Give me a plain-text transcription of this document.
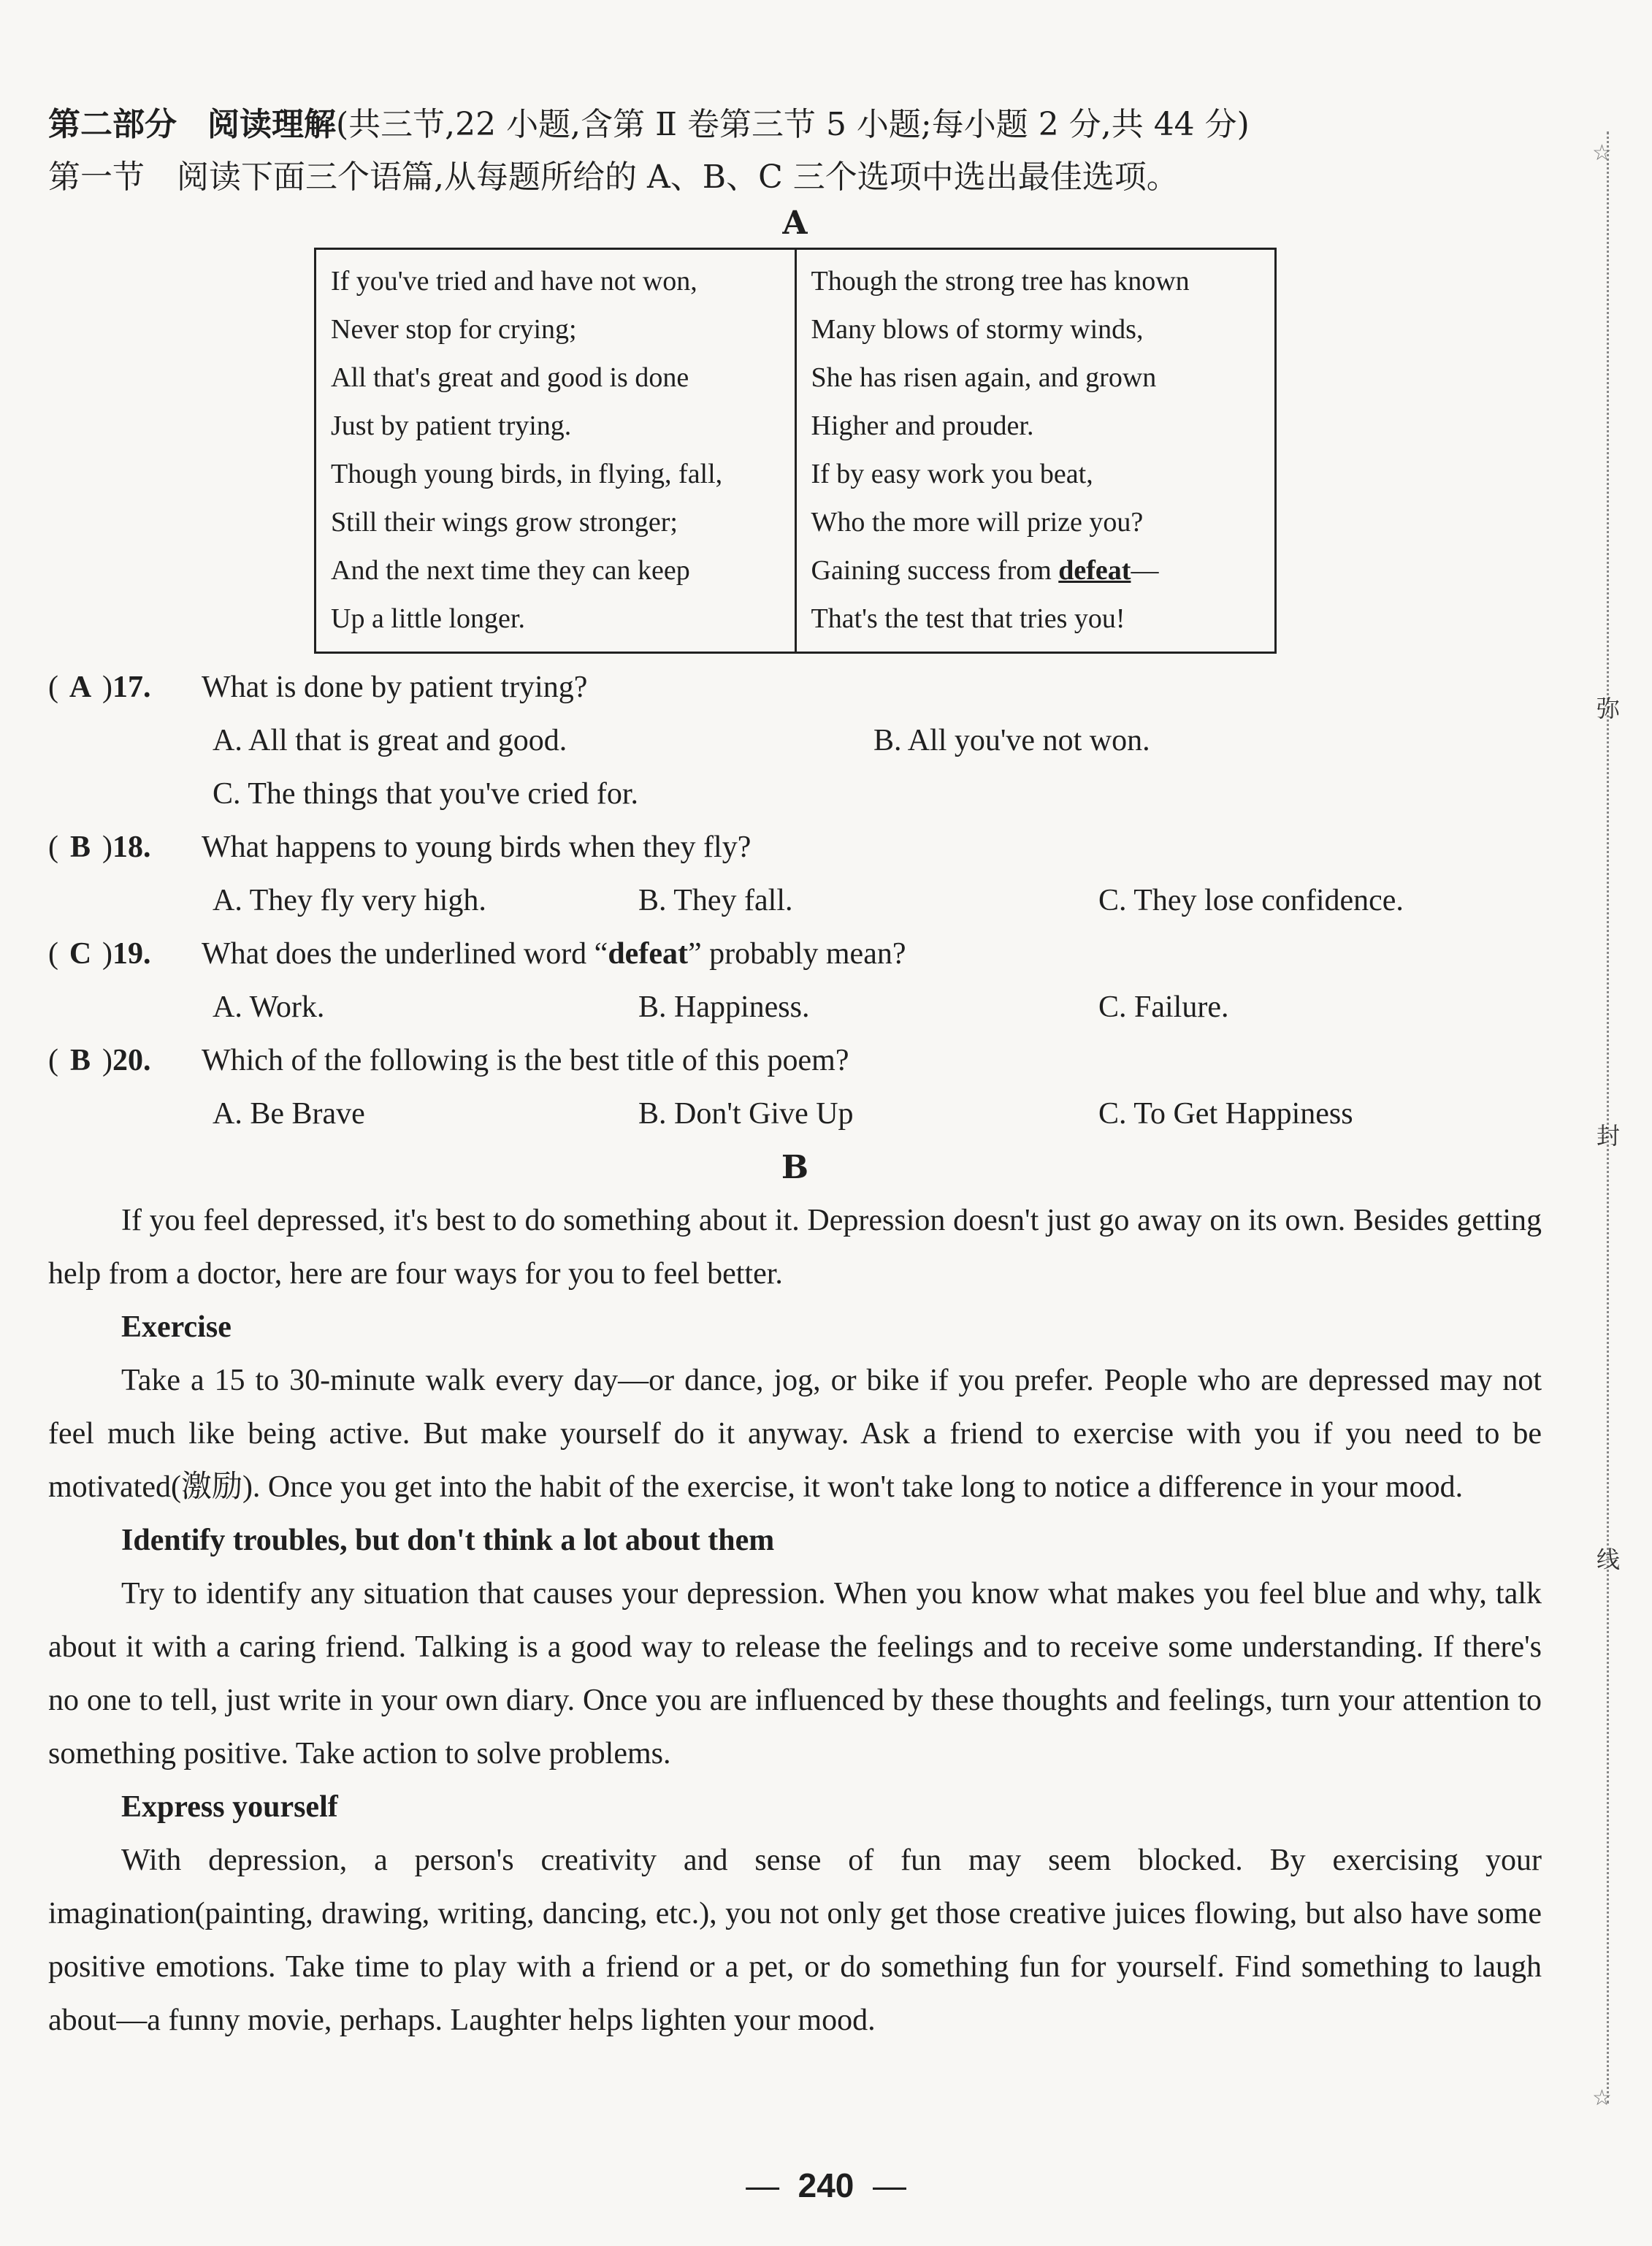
第二部分 阅读理解(共三节,22 小题,含第 Ⅱ 卷第三节 5 小题;每小题 2 分,共 44 分)
第一节　阅读下面三个语篇,从每题所给的 A、B、C 三个选项中选出最佳选项。
A
If you've tried and have not won,
Never stop for crying;
All that's great and good is done
Just by patient trying.
Though young birds, in flying, fall,
Still their wings grow stronger;
And the next time they can keep
Up a little longer.

Though the strong tree has known
Many blows of stormy winds,
She has risen again, and grown
Higher and prouder.
If by easy work you beat,
Who the more will prize you?
Gaining success from defeat—
That's the test that tries you!
( A )17. What is done by patient trying?
A. All that is great and good.	B. All you've not won.
C. The things that you've cried for.
( B )18. What happens to young birds when they fly?
A. They fly very high.	B. They fall.	C. They lose confidence.
( C )19. What does the underlined word “defeat” probably mean?
A. Work.	B. Happiness.	C. Failure.
( B )20. Which of the following is the best title of this poem?
A. Be Brave	B. Don't Give Up	C. To Get Happiness
B

If you feel depressed, it's best to do something about it. Depression doesn't just go away on its own. Besides getting help from a doctor, here are four ways for you to feel better.

Exercise

Take a 15 to 30-minute walk every day—or dance, jog, or bike if you prefer. People who are depressed may not feel much like being active. But make yourself do it anyway. Ask a friend to exercise with you if you need to be motivated(激励). Once you get into the habit of the exercise, it won't take long to notice a difference in your mood.

Identify troubles, but don't think a lot about them

Try to identify any situation that causes your depression. When you know what makes you feel blue and why, talk about it with a caring friend. Talking is a good way to release the feelings and to receive some understanding. If there's no one to tell, just write in your own diary. Once you are influenced by these thoughts and feelings, turn your attention to something positive. Take action to solve problems.

Express yourself

With depression, a person's creativity and sense of fun may seem blocked. By exercising your imagination(painting, drawing, writing, dancing, etc.), you not only get those creative juices flowing, but also have some positive emotions. Take time to play with a friend or a pet, or do something fun for yourself. Find something to laugh about—a funny movie, perhaps. Laughter helps lighten your mood.

— 240 —
☆
弥
封
线
☆
